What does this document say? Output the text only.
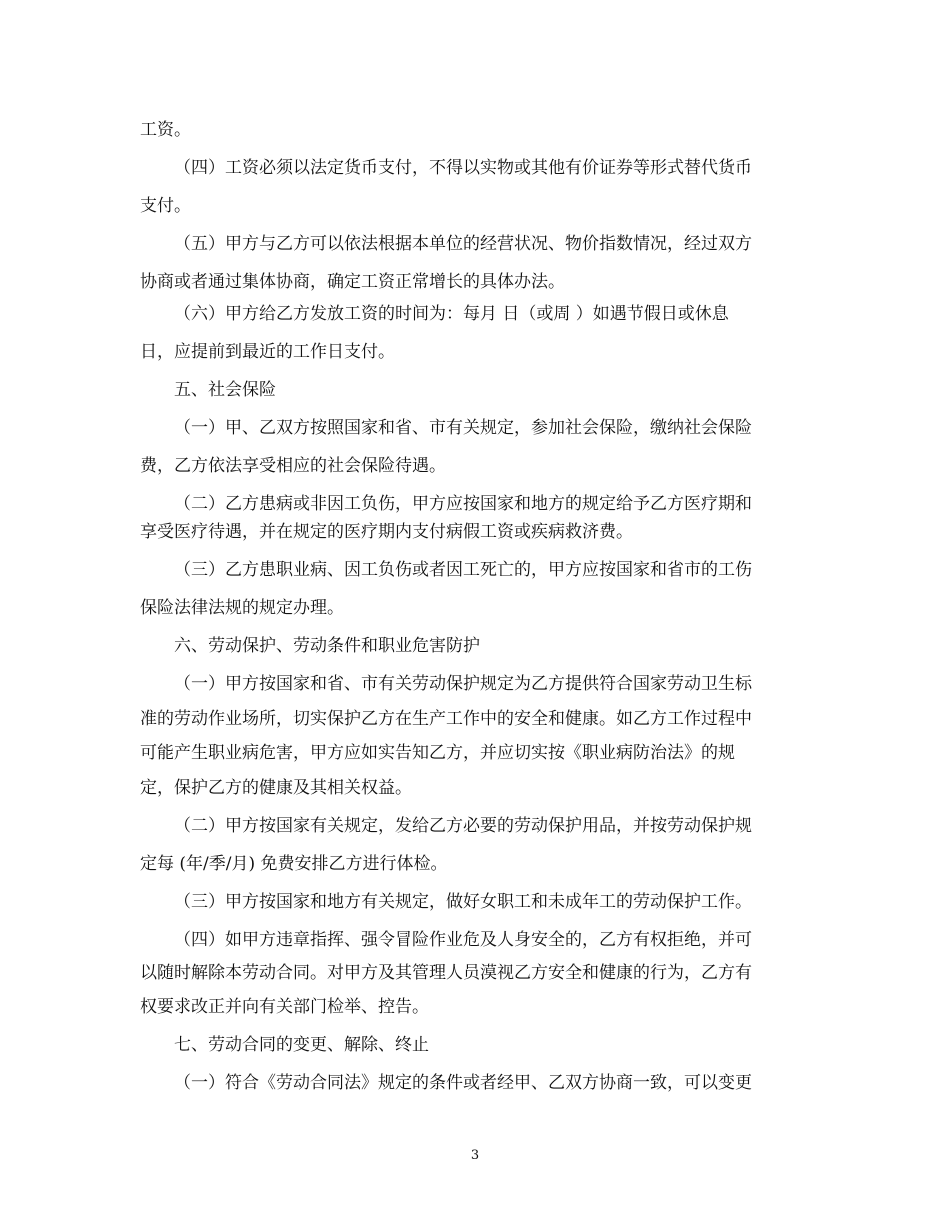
工资。
（四）工资必须以法定货币支付，不得以实物或其他有价证券等形式替代货币
支付。
（五）甲方与乙方可以依法根据本单位的经营状况、物价指数情况，经过双方
协商或者通过集体协商，确定工资正常增长的具体办法。
（六）甲方给乙方发放工资的时间为：每月 日（或周 ）如遇节假日或休息
日，应提前到最近的工作日支付。
五、社会保险
（一）甲、乙双方按照国家和省、市有关规定，参加社会保险，缴纳社会保险
费，乙方依法享受相应的社会保险待遇。
（二）乙方患病或非因工负伤，甲方应按国家和地方的规定给予乙方医疗期和
享受医疗待遇，并在规定的医疗期内支付病假工资或疾病救济费。
（三）乙方患职业病、因工负伤或者因工死亡的，甲方应按国家和省市的工伤
保险法律法规的规定办理。
六、劳动保护、劳动条件和职业危害防护
（一）甲方按国家和省、市有关劳动保护规定为乙方提供符合国家劳动卫生标
准的劳动作业场所，切实保护乙方在生产工作中的安全和健康。如乙方工作过程中
可能产生职业病危害，甲方应如实告知乙方，并应切实按《职业病防治法》的规
定，保护乙方的健康及其相关权益。
（二）甲方按国家有关规定，发给乙方必要的劳动保护用品，并按劳动保护规
定每 (年/季/月) 免费安排乙方进行体检。
（三）甲方按国家和地方有关规定，做好女职工和未成年工的劳动保护工作。
（四）如甲方违章指挥、强令冒险作业危及人身安全的，乙方有权拒绝，并可
以随时解除本劳动合同。对甲方及其管理人员漠视乙方安全和健康的行为，乙方有
权要求改正并向有关部门检举、控告。
七、劳动合同的变更、解除、终止
（一）符合《劳动合同法》规定的条件或者经甲、乙双方协商一致，可以变更
3
